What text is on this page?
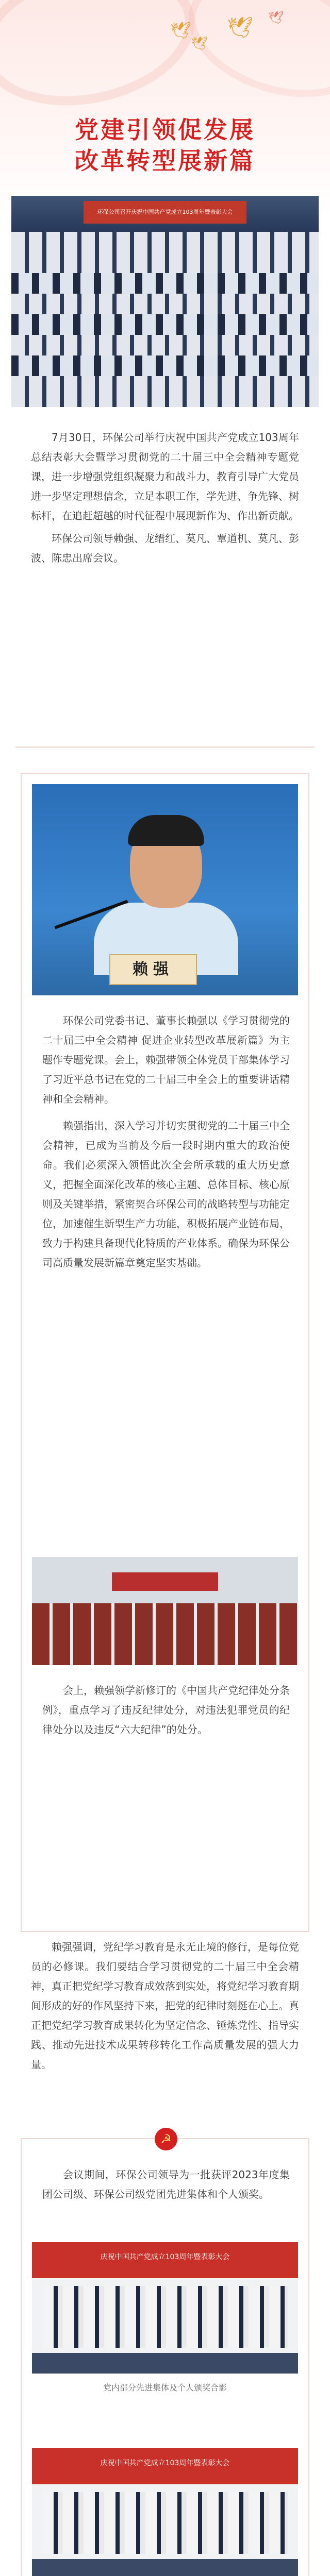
🕊
🕊
🕊 🕊
党建引领促发展
改革转型展新篇
环保公司召开庆祝中国共产党成立103周年暨表彰大会

7月30日，环保公司举行庆祝中国共产党成立103周年总结表彰大会暨学习贯彻党的二十届三中全会精神专题党课，进一步增强党组织凝聚力和战斗力，教育引导广大党员进一步坚定理想信念，立足本职工作，学先进、争先锋、树标杆，在追赶超越的时代征程中展现新作为、作出新贡献。

环保公司领导赖强、龙缙红、莫凡、覃道机、莫凡、彭波、陈忠出席会议。

赖强

环保公司党委书记、董事长赖强以《学习贯彻党的二十届三中全会精神 促进企业转型改革展新篇》为主题作专题党课。会上，赖强带领全体党员干部集体学习了习近平总书记在党的二十届三中全会上的重要讲话精神和全会精神。

赖强指出，深入学习并切实贯彻党的二十届三中全会精神，已成为当前及今后一段时期内重大的政治使命。我们必须深入领悟此次全会所承载的重大历史意义，把握全面深化改革的核心主题、总体目标、核心原则及关键举措，紧密契合环保公司的战略转型与功能定位，加速催生新型生产力功能，积极拓展产业链布局，致力于构建具备现代化特质的产业体系。确保为环保公司高质量发展新篇章奠定坚实基础。

会上，赖强领学新修订的《中国共产党纪律处分条例》，重点学习了违反纪律处分，对违法犯罪党员的纪律处分以及违反“六大纪律”的处分。

赖强强调，党纪学习教育是永无止境的修行，是每位党员的必修课。我们要结合学习贯彻党的二十届三中全会精神，真正把党纪学习教育成效落到实处，将党纪学习教育期间形成的好的作风坚持下来，把党的纪律时刻挺在心上。真正把党纪学习教育成果转化为坚定信念、锤炼党性、指导实践、推动先进技术成果转移转化工作高质量发展的强大力量。

☭

会议期间，环保公司领导为一批获评2023年度集团公司级、环保公司级党团先进集体和个人颁奖。

庆祝中国共产党成立103周年暨表彰大会
党内部分先进集体及个人颁奖合影
庆祝中国共产党成立103周年暨表彰大会
